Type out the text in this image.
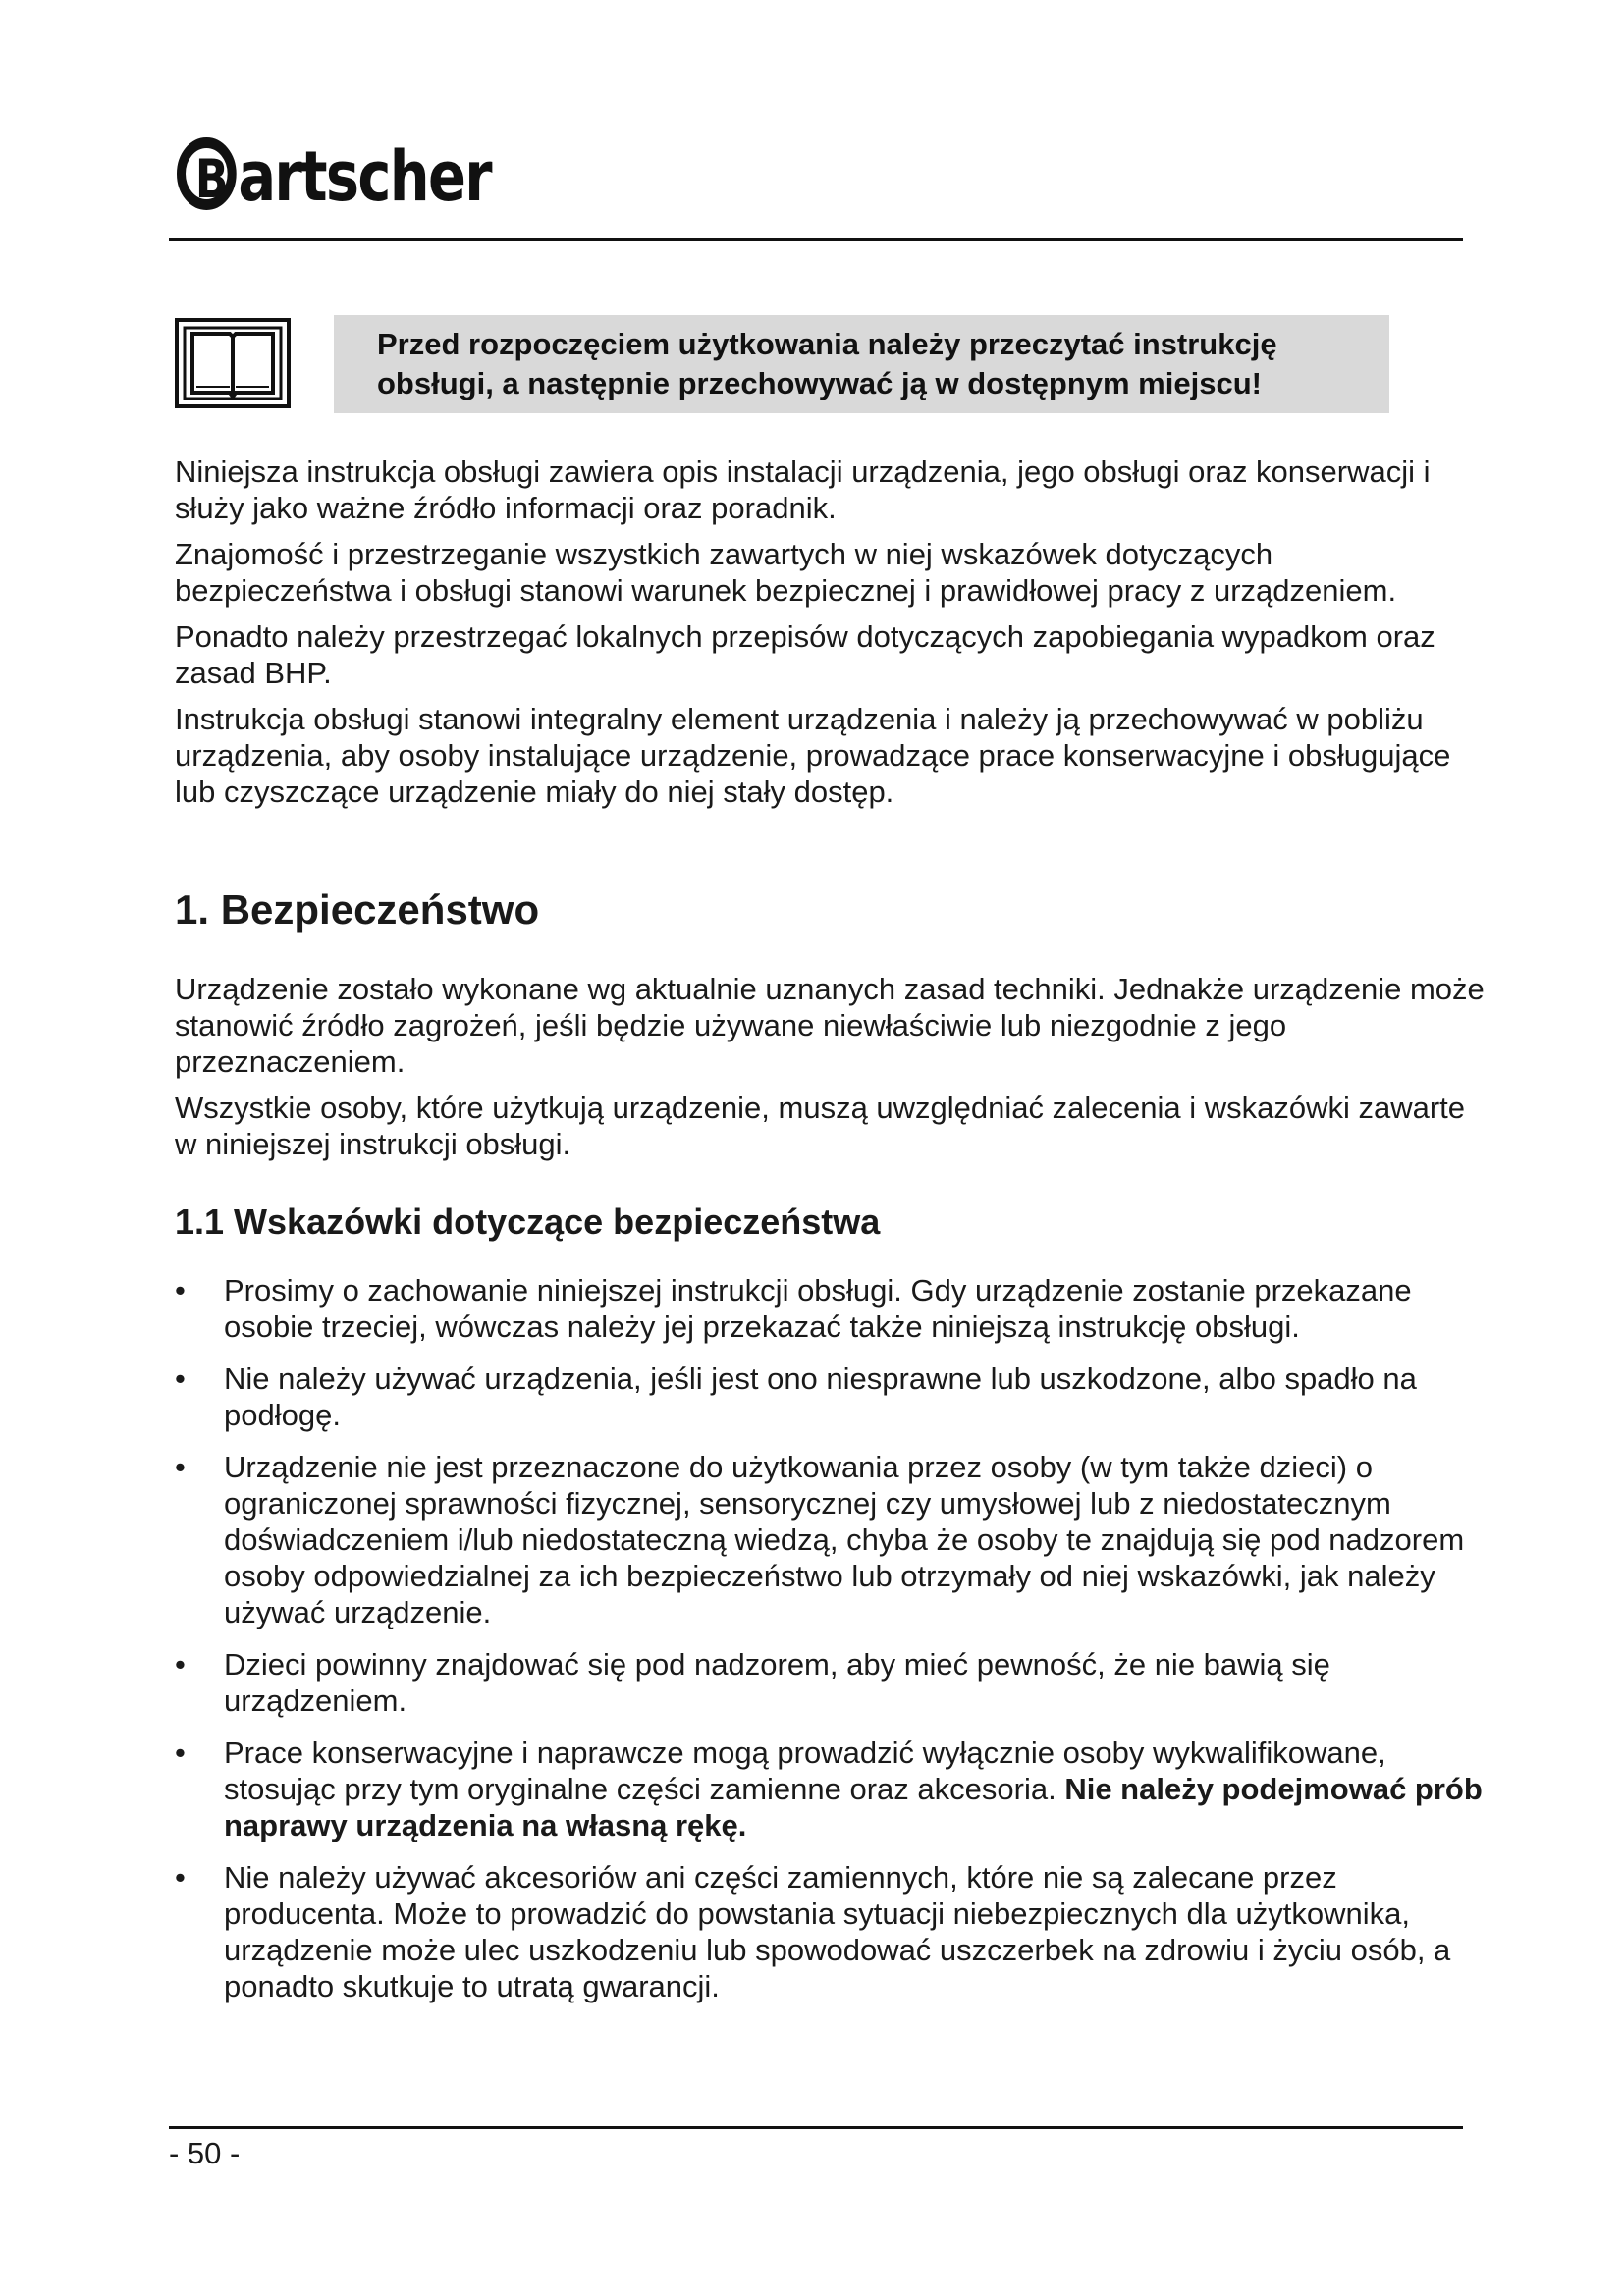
B artscher
Przed rozpoczęciem użytkowania należy przeczytać instrukcję obsługi, a następnie przechowywać ją w dostępnym miejscu!

Niniejsza instrukcja obsługi zawiera opis instalacji urządzenia, jego obsługi oraz konserwacji i służy jako ważne źródło informacji oraz poradnik.

Znajomość i przestrzeganie wszystkich zawartych w niej wskazówek dotyczących bezpieczeństwa i obsługi stanowi warunek bezpiecznej i prawidłowej pracy z urządzeniem.

Ponadto należy przestrzegać lokalnych przepisów dotyczących zapobiegania wypadkom oraz zasad BHP.

Instrukcja obsługi stanowi integralny element urządzenia i należy ją przechowywać w pobliżu urządzenia, aby osoby instalujące urządzenie, prowadzące prace konserwacyjne i obsługujące lub czyszczące urządzenie miały do niej stały dostęp.

1. Bezpieczeństwo

Urządzenie zostało wykonane wg aktualnie uznanych zasad techniki. Jednakże urządzenie może stanowić źródło zagrożeń, jeśli będzie używane niewłaściwie lub niezgodnie z jego przeznaczeniem.

Wszystkie osoby, które użytkują urządzenie, muszą uwzględniać zalecenia i wskazówki zawarte w niniejszej instrukcji obsługi.

1.1 Wskazówki dotyczące bezpieczeństwa
• Prosimy o zachowanie niniejszej instrukcji obsługi. Gdy urządzenie zostanie przekazane osobie trzeciej, wówczas należy jej przekazać także niniejszą instrukcję obsługi.
• Nie należy używać urządzenia, jeśli jest ono niesprawne lub uszkodzone, albo spadło na podłogę.
• Urządzenie nie jest przeznaczone do użytkowania przez osoby (w tym także dzieci) o ograniczonej sprawności fizycznej, sensorycznej czy umysłowej lub z niedostatecznym doświadczeniem i/lub niedostateczną wiedzą, chyba że osoby te znajdują się pod nadzorem osoby odpowiedzialnej za ich bezpieczeństwo lub otrzymały od niej wskazówki, jak należy używać urządzenie.
• Dzieci powinny znajdować się pod nadzorem, aby mieć pewność, że nie bawią się urządzeniem.
• Prace konserwacyjne i naprawcze mogą prowadzić wyłącznie osoby wykwalifikowane, stosując przy tym oryginalne części zamienne oraz akcesoria. Nie należy podejmować prób naprawy urządzenia na własną rękę.
• Nie należy używać akcesoriów ani części zamiennych, które nie są zalecane przez producenta. Może to prowadzić do powstania sytuacji niebezpiecznych dla użytkownika, urządzenie może ulec uszkodzeniu lub spowodować uszczerbek na zdrowiu i życiu osób, a ponadto skutkuje to utratą gwarancji.
- 50 -
